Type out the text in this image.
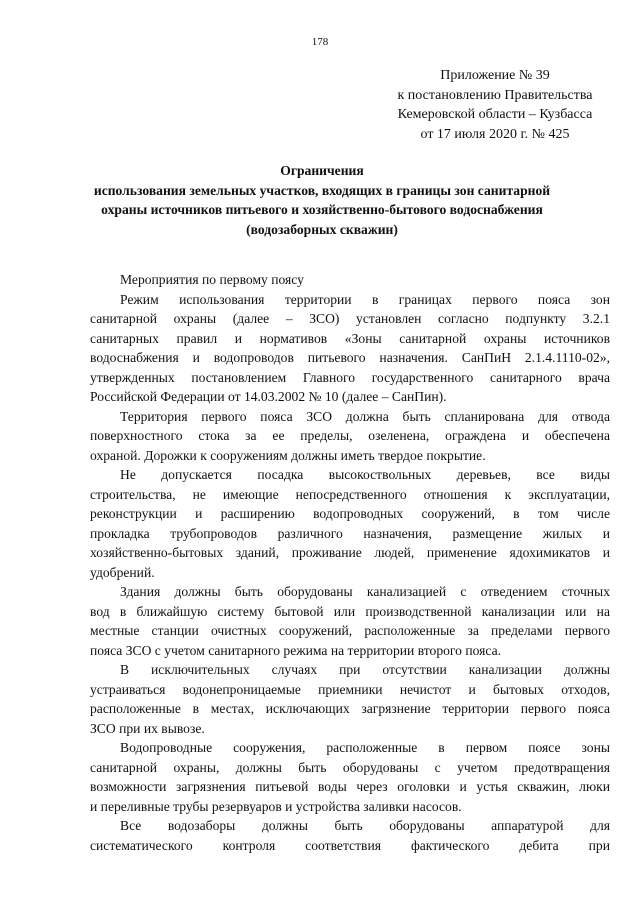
178
Приложение № 39
к постановлению Правительства
Кемеровской области – Кузбасса
от 17 июля 2020 г. № 425
Ограничения
использования земельных участков, входящих в границы зон санитарной
охраны источников питьевого и хозяйственно-бытового водоснабжения
(водозаборных скважин)
Мероприятия по первому поясу
Режим использования территории в границах первого пояса зон
санитарной охраны (далее – ЗСО) установлен согласно подпункту 3.2.1
санитарных правил и нормативов «Зоны санитарной охраны источников
водоснабжения и водопроводов питьевого назначения. СанПиН 2.1.4.1110-02»,
утвержденных постановлением Главного государственного санитарного врача
Российской Федерации от 14.03.2002 № 10 (далее – СанПин).
Территория первого пояса ЗСО должна быть спланирована для отвода
поверхностного стока за ее пределы, озеленена, ограждена и обеспечена
охраной. Дорожки к сооружениям должны иметь твердое покрытие.
Не допускается посадка высокоствольных деревьев, все виды
строительства, не имеющие непосредственного отношения к эксплуатации,
реконструкции и расширению водопроводных сооружений, в том числе
прокладка трубопроводов различного назначения, размещение жилых и
хозяйственно-бытовых зданий, проживание людей, применение ядохимикатов и
удобрений.
Здания должны быть оборудованы канализацией с отведением сточных
вод в ближайшую систему бытовой или производственной канализации или на
местные станции очистных сооружений, расположенные за пределами первого
пояса ЗСО с учетом санитарного режима на территории второго пояса.
В исключительных случаях при отсутствии канализации должны
устраиваться водонепроницаемые приемники нечистот и бытовых отходов,
расположенные в местах, исключающих загрязнение территории первого пояса
ЗСО при их вывозе.
Водопроводные сооружения, расположенные в первом поясе зоны
санитарной охраны, должны быть оборудованы с учетом предотвращения
возможности загрязнения питьевой воды через оголовки и устья скважин, люки
и переливные трубы резервуаров и устройства заливки насосов.
Все водозаборы должны быть оборудованы аппаратурой для
систематического контроля соответствия фактического дебита при
